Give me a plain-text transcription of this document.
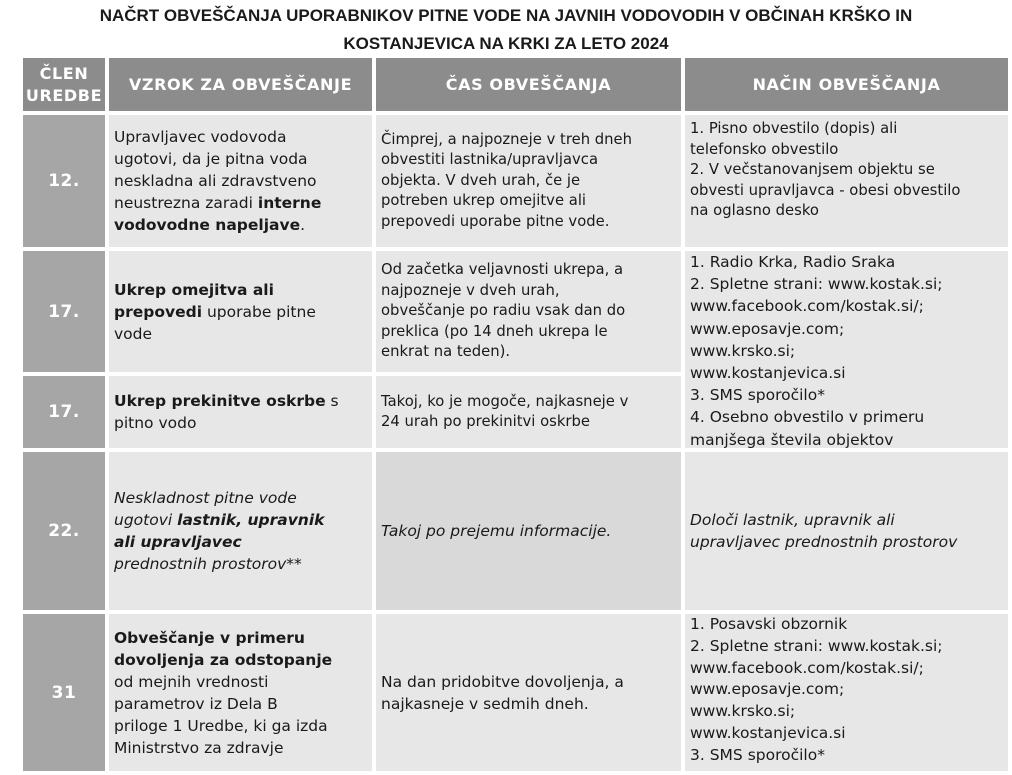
NAČRT OBVEŠČANJA UPORABNIKOV PITNE VODE NA JAVNIH VODOVODIH V OBČINAH KRŠKO IN
KOSTANJEVICA NA KRKI ZA LETO 2024
ČLEN
UREDBE
VZROK ZA OBVEŠČANJE	ČAS OBVEŠČANJA	NAČIN OBVEŠČANJA
12.
Upravljavec vodovoda
ugotovi, da je pitna voda
neskladna ali zdravstveno
neustrezna zaradi interne
vodovodne napeljave.
Čimprej, a najpozneje v treh dneh
obvestiti lastnika/upravljavca
objekta. V dveh urah, če je
potreben ukrep omejitve ali
prepovedi uporabe pitne vode.
1. Pisno obvestilo (dopis) ali
telefonsko obvestilo
2. V večstanovanjsem objektu se
obvesti upravljavca - obesi obvestilo
na oglasno desko
17.
Ukrep omejitva ali
prepovedi uporabe pitne
vode
Od začetka veljavnosti ukrepa, a
najpozneje v dveh urah,
obveščanje po radiu vsak dan do
preklica (po 14 dneh ukrepa le
enkrat na teden).
1. Radio Krka, Radio Sraka
2. Spletne strani: www.kostak.si;
www.facebook.com/kostak.si/;
www.eposavje.com;
www.krsko.si;
www.kostanjevica.si
3. SMS sporočilo*
4. Osebno obvestilo v primeru
manjšega števila objektov
17.
Ukrep prekinitve oskrbe s
pitno vodo
Takoj, ko je mogoče, najkasneje v
24 urah po prekinitvi oskrbe
22.
Neskladnost pitne vode
ugotovi lastnik, upravnik
ali upravljavec
prednostnih prostorov**
Takoj po prejemu informacije.
Določi lastnik, upravnik ali
upravljavec prednostnih prostorov
31
Obveščanje v primeru
dovoljenja za odstopanje
od mejnih vrednosti
parametrov iz Dela B
priloge 1 Uredbe, ki ga izda
Ministrstvo za zdravje
Na dan pridobitve dovoljenja, a
najkasneje v sedmih dneh.
1. Posavski obzornik
2. Spletne strani: www.kostak.si;
www.facebook.com/kostak.si/;
www.eposavje.com;
www.krsko.si;
www.kostanjevica.si
3. SMS sporočilo*
